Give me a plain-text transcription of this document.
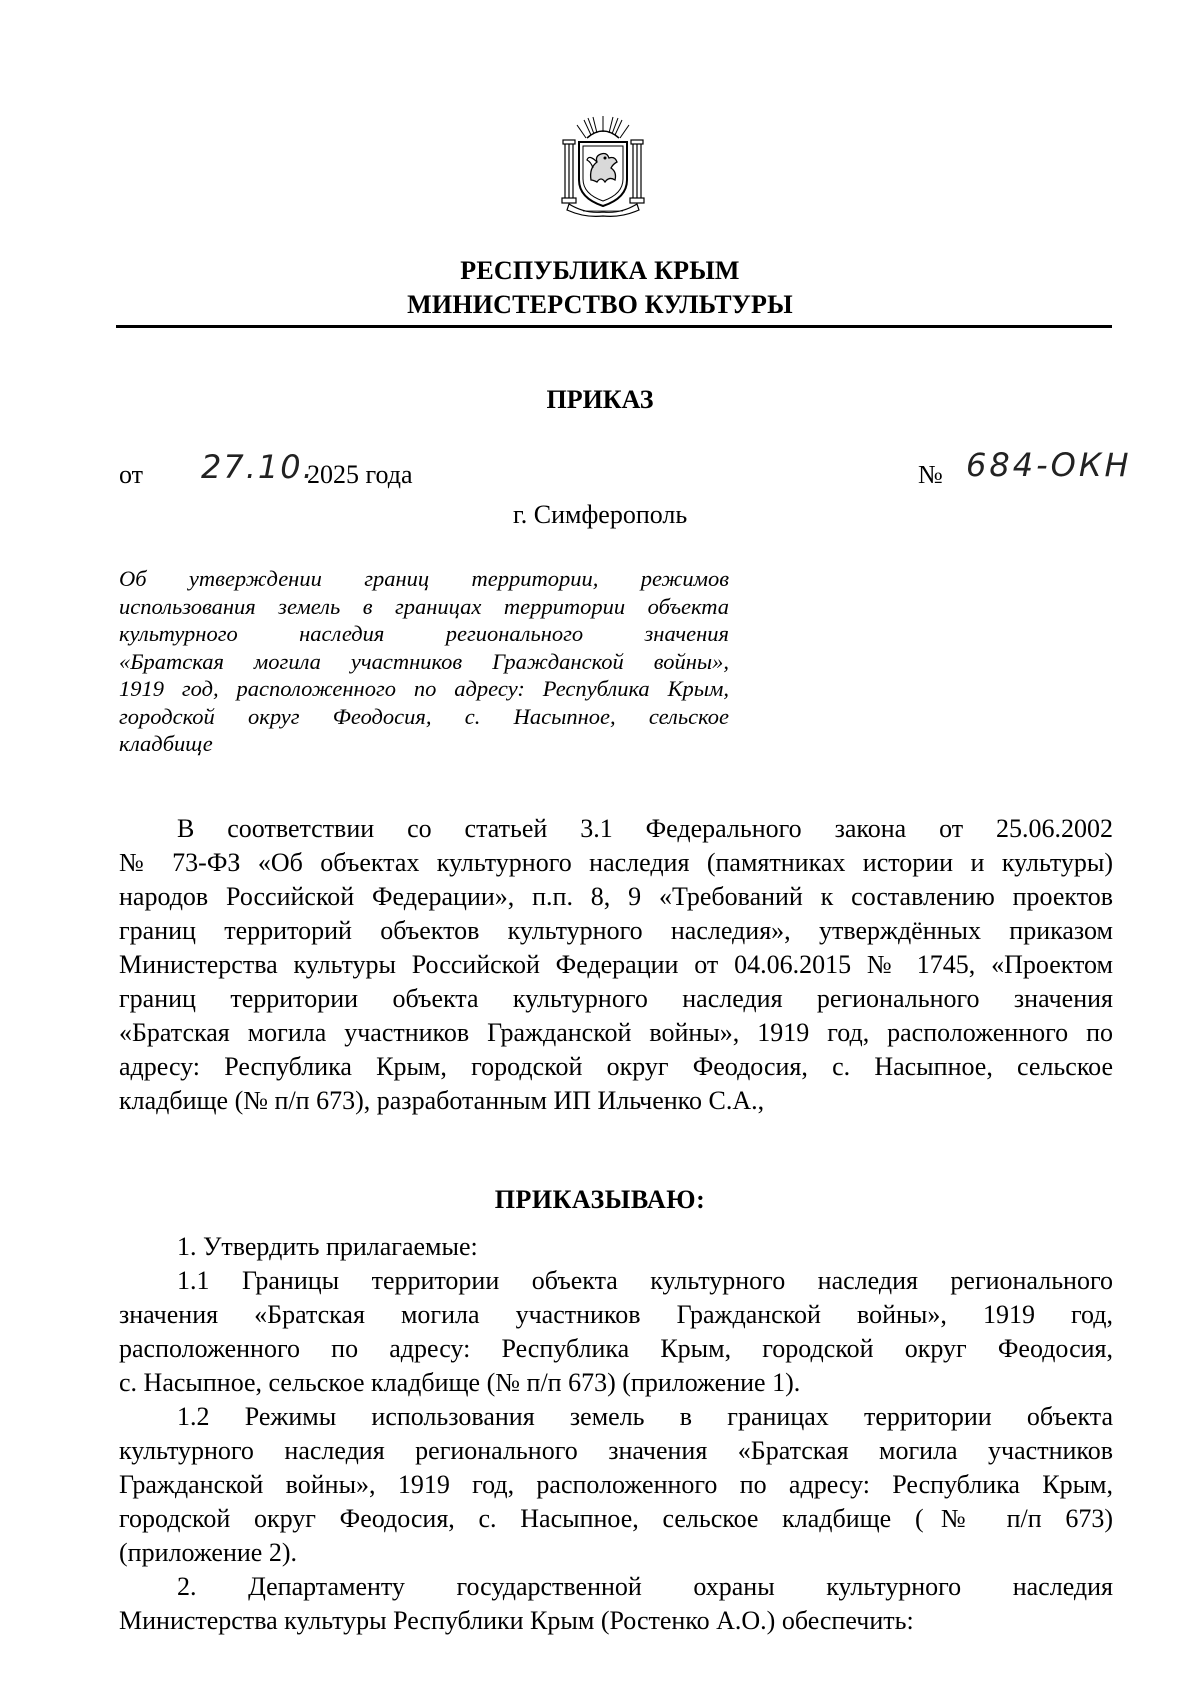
РЕСПУБЛИКА КРЫМ
МИНИСТЕРСТВО КУЛЬТУРЫ
ПРИКАЗ
от 27.10.
2025 года	№ 684-ОКН
г. Симферополь
Об утверждении границ территории, режимов
использования земель в границах территории объекта
культурного наследия регионального значения
«Братская могила участников Гражданской войны»,
1919 год, расположенного по адресу: Республика Крым,
городской округ Феодосия, с. Насыпное, сельское
кладбище
В соответствии со статьей 3.1 Федерального закона от 25.06.2002
№ 73-ФЗ «Об объектах культурного наследия (памятниках истории и культуры)
народов Российской Федерации», п.п. 8, 9 «Требований к составлению проектов
границ территорий объектов культурного наследия», утверждённых приказом
Министерства культуры Российской Федерации от 04.06.2015 № 1745, «Проектом
границ территории объекта культурного наследия регионального значения
«Братская могила участников Гражданской войны», 1919 год, расположенного по
адресу: Республика Крым, городской округ Феодосия, с. Насыпное, сельское
кладбище (№ п/п 673), разработанным ИП Ильченко С.А.,
ПРИКАЗЫВАЮ:
1. Утвердить прилагаемые:
1.1 Границы территории объекта культурного наследия регионального
значения «Братская могила участников Гражданской войны», 1919 год,
расположенного по адресу: Республика Крым, городской округ Феодосия,
с. Насыпное, сельское кладбище (№ п/п 673) (приложение 1).
1.2 Режимы использования земель в границах территории объекта
культурного наследия регионального значения «Братская могила участников
Гражданской войны», 1919 год, расположенного по адресу: Республика Крым,
городской округ Феодосия, с. Насыпное, сельское кладбище (№ п/п 673)
(приложение 2).
2. Департаменту государственной охраны культурного наследия
Министерства культуры Республики Крым (Ростенко А.О.) обеспечить:
